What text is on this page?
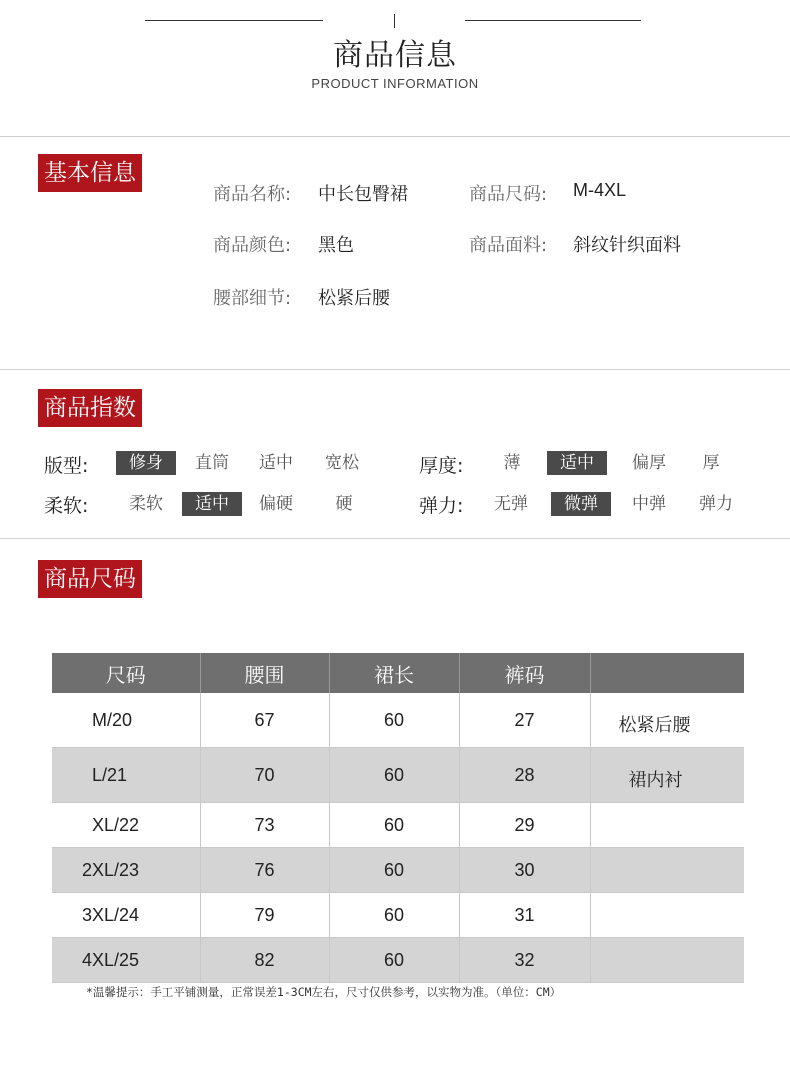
商品信息
PRODUCT INFORMATION
基本信息
商品名称: 中长包臀裙	商品尺码: M-4XL
商品颜色: 黑色	商品面料: 斜纹针织面料
腰部细节: 松紧后腰
商品指数
版型:	修身	直筒	适中	宽松	厚度:	薄	适中	偏厚	厚
柔软:	柔软	适中	偏硬	硬	弹力:	无弹	微弹	中弹	弹力
商品尺码
尺码	腰围	裙长	裤码	
M/20	67	60	27	松紧后腰
L/21	70	60	28	裙内衬
XL/22	73	60	29	
2XL/23	76	60	30	
3XL/24	79	60	31	
4XL/25	82	60	32	
*温馨提示：手工平铺测量，正常误差1-3CM左右，尺寸仅供参考，以实物为准。（单位：CM）
